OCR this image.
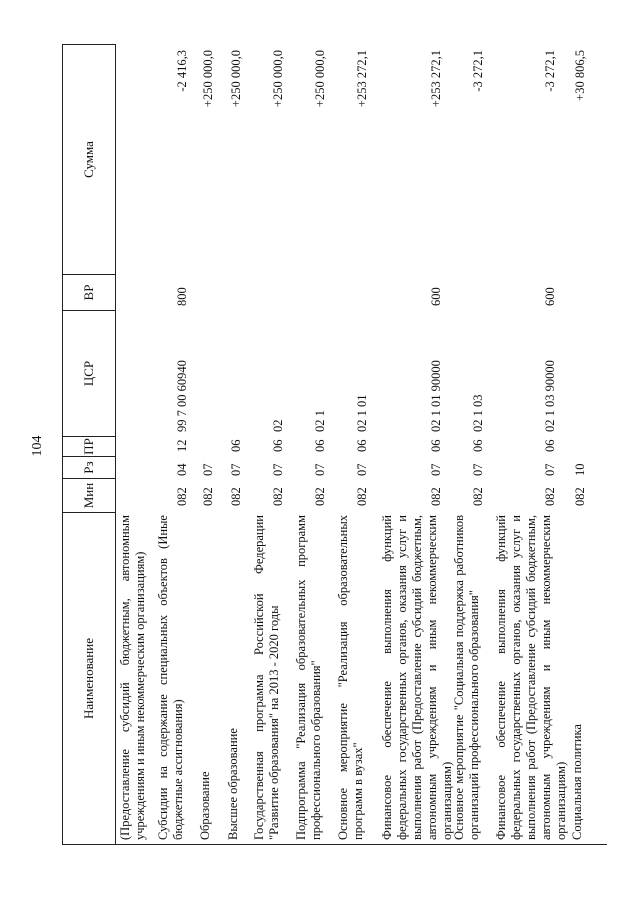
104
Наименование
Мин
Рз
ПР
ЦСР
ВР
Сумма
(Предоставление субсидий бюджетным, автономным учреждениям и иным некоммерческим организациям) Субсидии на содержание специальных объектов (Иные бюджетные ассигнования)
082
04
12
99 7 00 60940
800
-2 416,3
Образование
082
07
+250 000,0
Высшее образование
082
07
06
+250 000,0
Государственная программа Российской Федерации "Развитие образования" на 2013 - 2020 годы
082
07
06
02
+250 000,0
Подпрограмма "Реализация образовательных программ профессионального образования"
082
07
06
02 1
+250 000,0
Основное мероприятие "Реализация образовательных программ в вузах"
082
07
06
02 1 01
+253 272,1
Финансовое обеспечение выполнения функций федеральных государственных органов, оказания услуг и выполнения работ (Предоставление субсидий бюджетным, автономным учреждениям и иным некоммерческим организациям)
082
07
06
02 1 01 90000
600
+253 272,1
Основное мероприятие "Социальная поддержка работников организаций профессионального образования"
082
07
06
02 1 03
-3 272,1
Финансовое обеспечение выполнения функций федеральных государственных органов, оказания услуг и выполнения работ (Предоставление субсидий бюджетным, автономным учреждениям и иным некоммерческим организациям)
082
07
06
02 1 03 90000
600
-3 272,1
Социальная политика
082
10
+30 806,5
